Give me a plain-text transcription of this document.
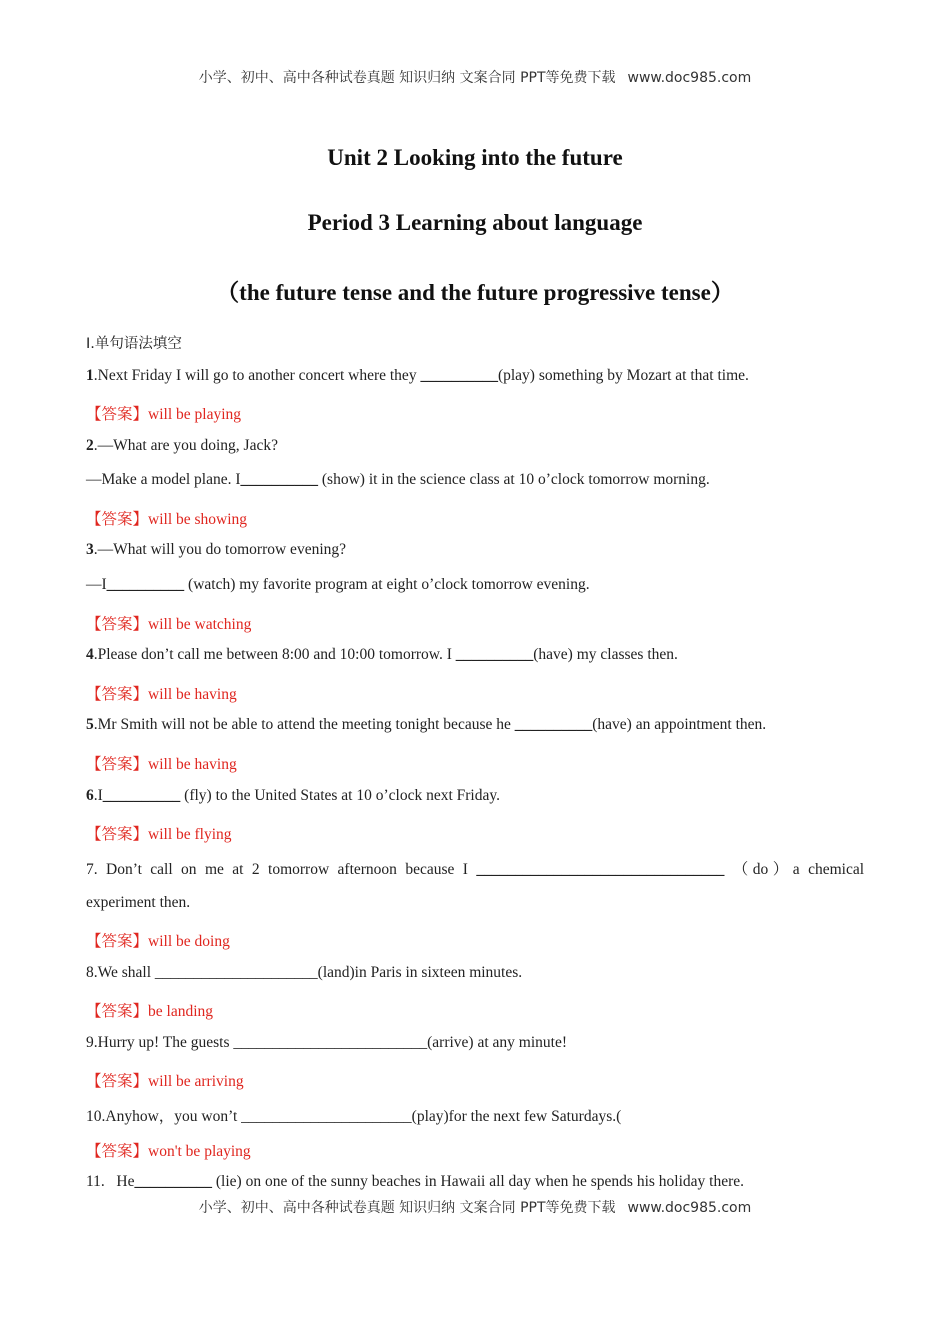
小学、初中、高中各种试卷真题 知识归纳 文案合同 PPT等免费下载 www.doc985.com
Unit 2 Looking into the future
Period 3 Learning about language
（the future tense and the future progressive tense）
I.单句语法填空
1.Next Friday I will go to another concert where they __________(play) something by Mozart at that time.
【答案】will be playing
2.—What are you doing, Jack?
—Make a model plane. I__________ (show) it in the science class at 10 o’clock tomorrow morning.
【答案】will be showing
3.—What will you do tomorrow evening?
—I__________ (watch) my favorite program at eight o’clock tomorrow evening.
【答案】will be watching
4.Please don’t call me between 8:00 and 10:00 tomorrow. I __________(have) my classes then.
【答案】will be having
5.Mr Smith will not be able to attend the meeting tonight because he __________(have) an appointment then.
【答案】will be having
6.I__________ (fly) to the United States at 10 o’clock next Friday.
【答案】will be flying
7. Don’t call on me at 2 tomorrow afternoon because I ________________________________ （do）a chemical
experiment then.
【答案】will be doing
8.We shall _____________________(land)in Paris in sixteen minutes.
【答案】be landing
9.Hurry up! The guests _________________________(arrive) at any minute!
【答案】will be arriving
10.Anyhow，you won’t ______________________(play)for the next few Saturdays.(
【答案】won't be playing
11.   He__________ (lie) on one of the sunny beaches in Hawaii all day when he spends his holiday there.
小学、初中、高中各种试卷真题 知识归纳 文案合同 PPT等免费下载 www.doc985.com
